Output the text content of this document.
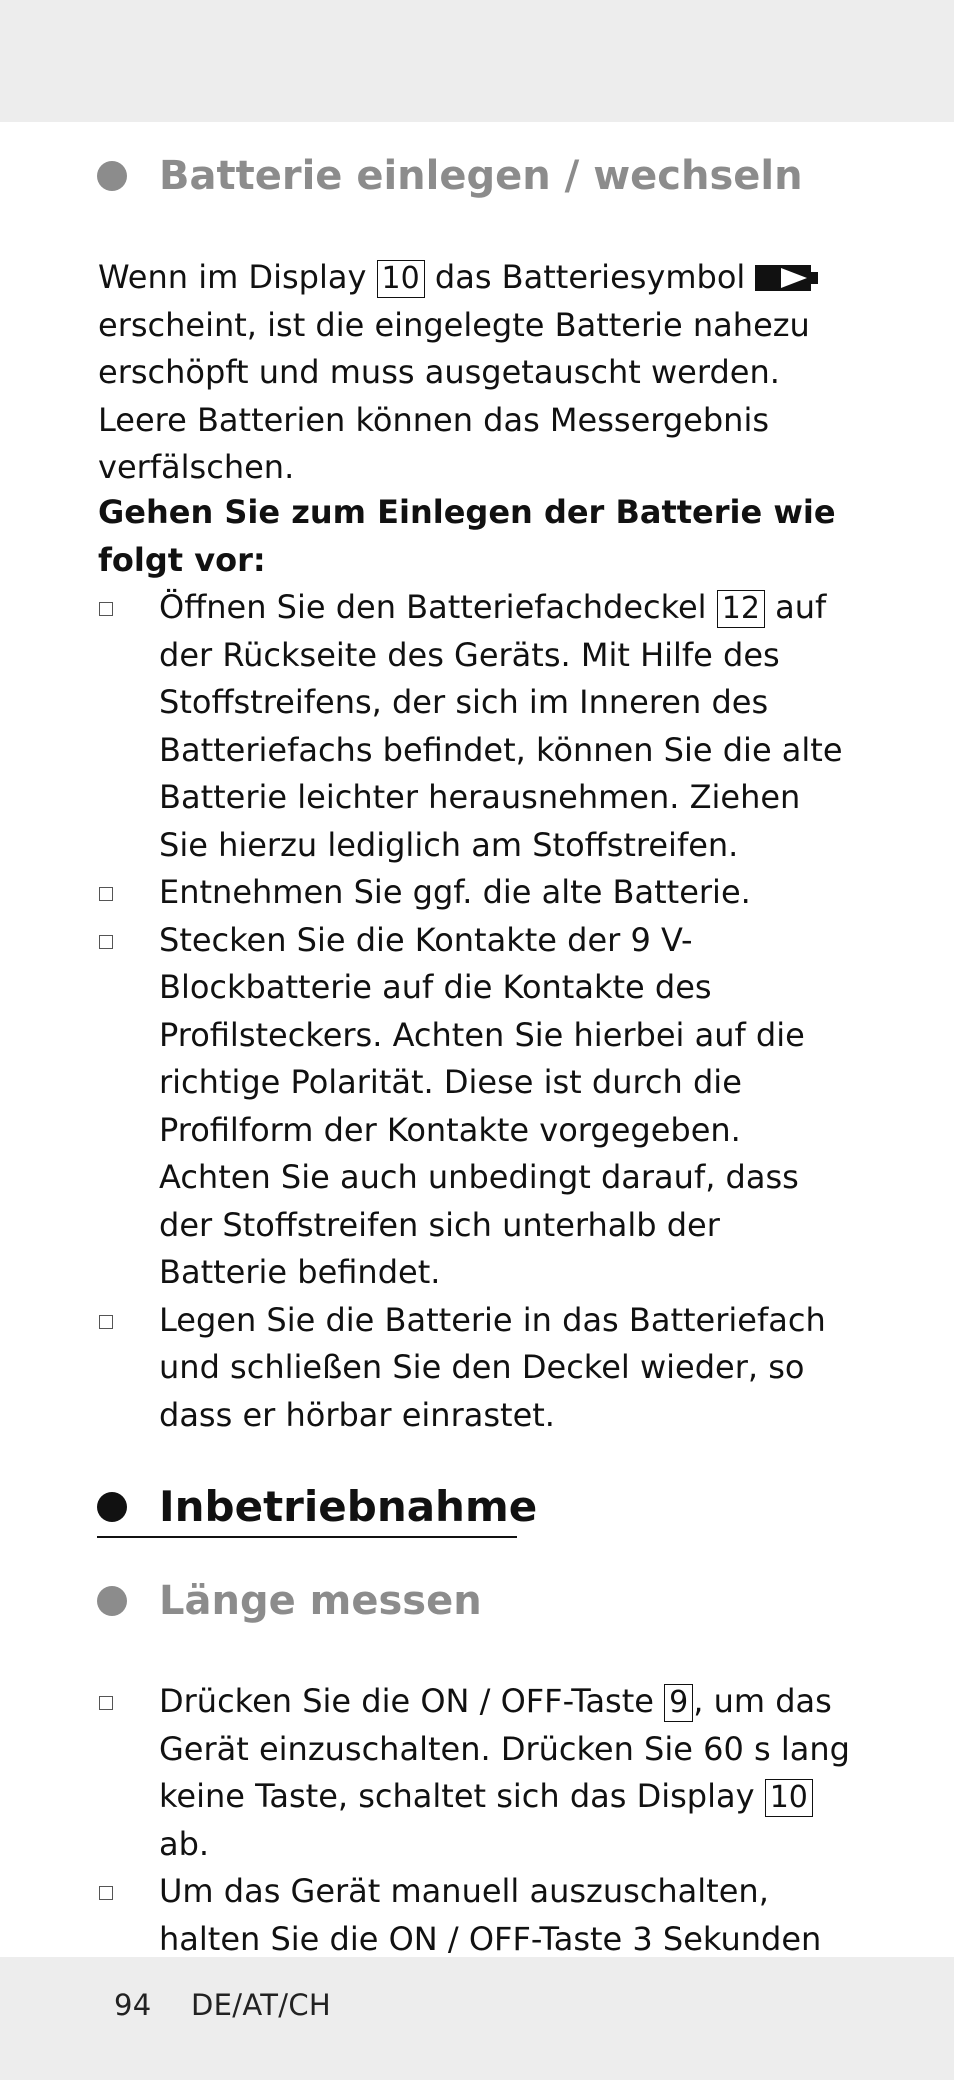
Batterie einlegen / wechseln

Wenn im Display 10 das Batteriesymbol
erscheint, ist die eingelegte Batterie nahezu erschöpft und muss ausgetauscht werden. Leere Batterien können das Messergebnis verfälschen.

Gehen Sie zum Einlegen der Batterie wie folgt vor:

Öffnen Sie den Batteriefachdeckel 12 auf der Rückseite des Geräts. Mit Hilfe des Stoffstreifens, der sich im Inneren des Batteriefachs befindet, können Sie die alte Batterie leichter herausnehmen. Ziehen Sie hierzu lediglich am Stoffstreifen.
Entnehmen Sie ggf. die alte Batterie.
Stecken Sie die Kontakte der 9 V-Blockbatterie auf die Kontakte des Profilsteckers. Achten Sie hierbei auf die richtige Polarität. Diese ist durch die Profilform der Kontakte vorgegeben. Achten Sie auch unbedingt darauf, dass der Stoffstreifen sich unterhalb der Batterie befindet.
Legen Sie die Batterie in das Batteriefach und schließen Sie den Deckel wieder, so dass er hörbar einrastet.
Inbetriebnahme
Länge messen
Drücken Sie die ON / OFF-Taste 9 , um das Gerät einzuschalten. Drücken Sie 60 s lang keine Taste, schaltet sich das Display 10 ab.
Um das Gerät manuell auszuschalten, halten Sie die ON / OFF-Taste 3 Sekunden
94 DE/AT/CH
